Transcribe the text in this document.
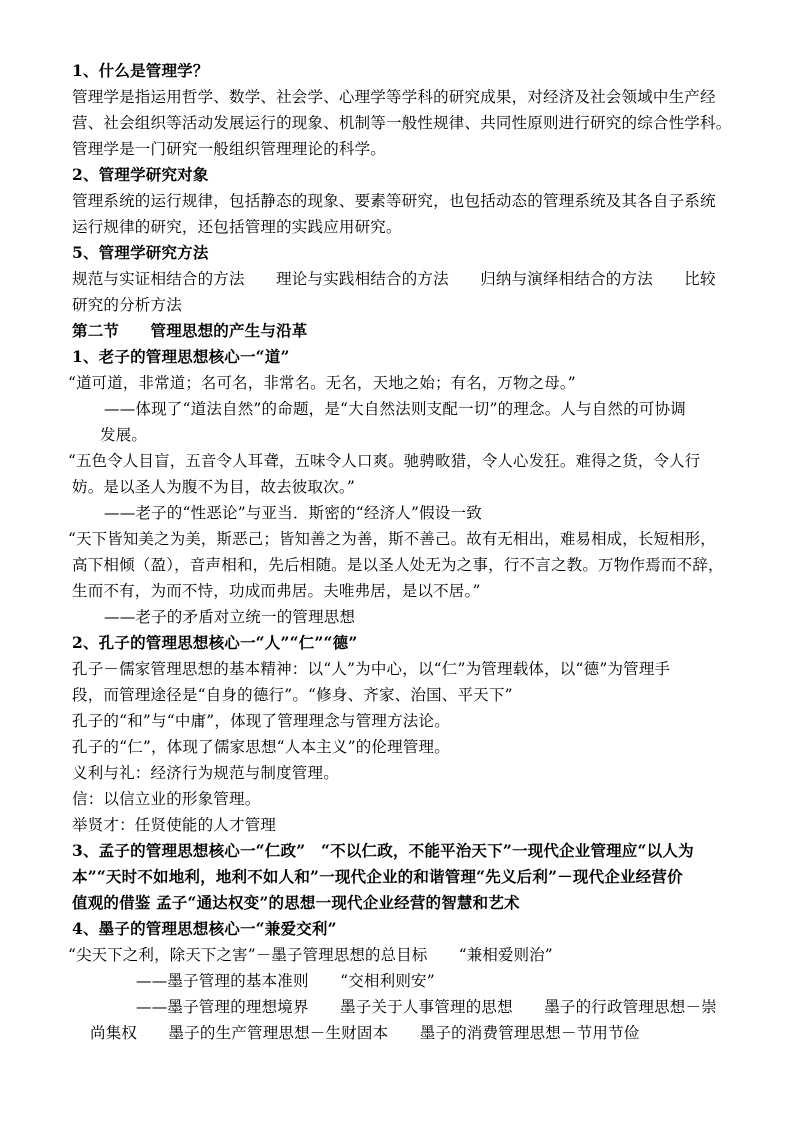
1、什么是管理学？
管理学是指运用哲学、数学、社会学、心理学等学科的研究成果，对经济及社会领域中生产经
营、社会组织等活动发展运行的现象、机制等一般性规律、共同性原则进行研究的综合性学科。
管理学是一门研究一般组织管理理论的科学。
2、管理学研究对象
管理系统的运行规律，包括静态的现象、要素等研究，也包括动态的管理系统及其各自子系统
运行规律的研究，还包括管理的实践应用研究。
5、管理学研究方法
规范与实证相结合的方法　　理论与实践相结合的方法　　归纳与演绎相结合的方法　　比较
研究的分析方法
第二节　　管理思想的产生与沿革
1、老子的管理思想核心一“道”
“道可道，非常道；名可名，非常名。无名，天地之始；有名，万物之母。”
——体现了“道法自然”的命题，是“大自然法则支配一切”的理念。人与自然的可协调
发展。
“五色令人目盲，五音令人耳聋，五味令人口爽。驰骋畋猎，令人心发狂。难得之货，令人行
妨。是以圣人为腹不为目，故去彼取次。”
——老子的“性恶论”与亚当．斯密的“经济人”假设一致
“天下皆知美之为美，斯恶己；皆知善之为善，斯不善己。故有无相出，难易相成，长短相形，
高下相倾（盈），音声相和，先后相随。是以圣人处无为之事，行不言之教。万物作焉而不辞，
生而不有，为而不恃，功成而弗居。夫唯弗居，是以不居。”
——老子的矛盾对立统一的管理思想
2、孔子的管理思想核心一“人”“仁”“德”
孔子－儒家管理思想的基本精神：以“人”为中心，以“仁”为管理载体，以“德”为管理手
段，而管理途径是“自身的德行”。“修身、齐家、治国、平天下”
孔子的“和”与“中庸”，体现了管理理念与管理方法论。
孔子的“仁”，体现了儒家思想“人本主义”的伦理管理。
义利与礼：经济行为规范与制度管理。
信：以信立业的形象管理。
举贤才：任贤使能的人才管理
3、孟子的管理思想核心一“仁政”　“不以仁政，不能平治天下”一现代企业管理应“以人为
本”“天时不如地利，地利不如人和”一现代企业的和谐管理“先义后利”－现代企业经营价
值观的借鉴 孟子“通达权变”的思想一现代企业经营的智慧和艺术
4、墨子的管理思想核心一“兼爱交利”
“尖天下之利，除天下之害”－墨子管理思想的总目标　　“兼相爱则治”
——墨子管理的基本准则　　“交相利则安”
——墨子管理的理想境界　　墨子关于人事管理的思想　　墨子的行政管理思想－崇
尚集权　　墨子的生产管理思想－生财固本　　墨子的消费管理思想－节用节俭
